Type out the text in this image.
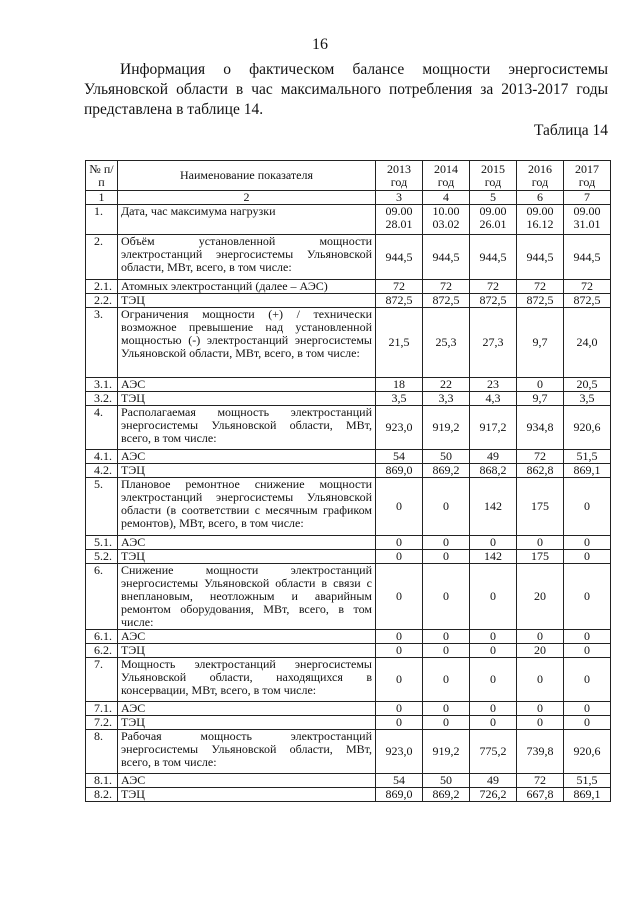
16

Информация о фактическом балансе мощности энергосистемы Ульяновской области в час максимального потребления за 2013-2017 годы представлена в таблице 14.

Таблица 14
№ п/п	Наименование показателя	2013 год	2014 год	2015 год	2016 год	2017 год
1	2	3	4	5	6	7
1.	Дата, час максимума нагрузки	09.00 28.01	10.00 03.02	09.00 26.01	09.00 16.12	09.00 31.01
2.	Объём установленной мощности электростанций энергосистемы Ульяновской области, МВт, всего, в том числе:	944,5	944,5	944,5	944,5	944,5
2.1.	Атомных электростанций (далее – АЭС)	72	72	72	72	72
2.2.	ТЭЦ	872,5	872,5	872,5	872,5	872,5
3.	Ограничения мощности (+) / технически возможное превышение над установленной мощностью (-) электростанций энергосистемы Ульяновской области, МВт, всего, в том числе:	21,5	25,3	27,3	9,7	24,0
3.1.	АЭС	18	22	23	0	20,5
3.2.	ТЭЦ	3,5	3,3	4,3	9,7	3,5
4.	Располагаемая мощность электростанций энергосистемы Ульяновской области, МВт, всего, в том числе:	923,0	919,2	917,2	934,8	920,6
4.1.	АЭС	54	50	49	72	51,5
4.2.	ТЭЦ	869,0	869,2	868,2	862,8	869,1
5.	Плановое ремонтное снижение мощности электростанций энергосистемы Ульяновской области (в соответствии с месячным графиком ремонтов), МВт, всего, в том числе:	0	0	142	175	0
5.1.	АЭС	0	0	0	0	0
5.2.	ТЭЦ	0	0	142	175	0
6.	Снижение мощности электростанций энергосистемы Ульяновской области в связи с внеплановым, неотложным и аварийным ремонтом оборудования, МВт, всего, в том числе:	0	0	0	20	0
6.1.	АЭС	0	0	0	0	0
6.2.	ТЭЦ	0	0	0	20	0
7.	Мощность электростанций энергосистемы Ульяновской области, находящихся в консервации, МВт, всего, в том числе:	0	0	0	0	0
7.1.	АЭС	0	0	0	0	0
7.2.	ТЭЦ	0	0	0	0	0
8.	Рабочая мощность электростанций энергосистемы Ульяновской области, МВт, всего, в том числе:	923,0	919,2	775,2	739,8	920,6
8.1.	АЭС	54	50	49	72	51,5
8.2.	ТЭЦ	869,0	869,2	726,2	667,8	869,1
